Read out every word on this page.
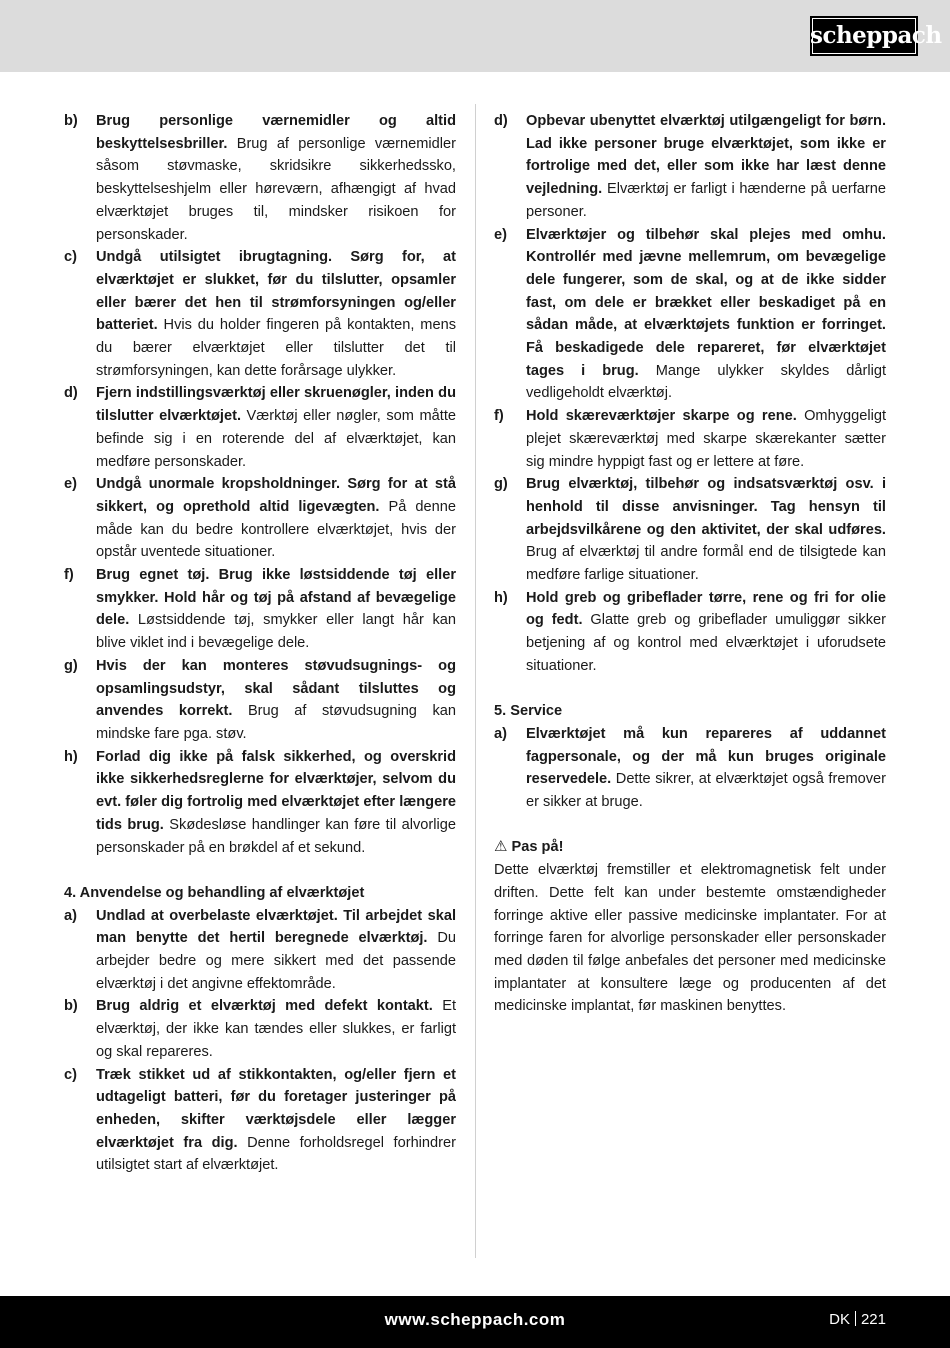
scheppach
b)	Brug personlige værnemidler og altid beskyttelsesbriller. Brug af personlige værnemidler såsom støvmaske, skridsikre sikkerhedssko, beskyttelseshjelm eller høreværn, afhængigt af hvad elværktøjet bruges til, mindsker risikoen for personskader.
c)	Undgå utilsigtet ibrugtagning. Sørg for, at elværktøjet er slukket, før du tilslutter, opsamler eller bærer det hen til strømforsyningen og/eller batteriet. Hvis du holder fingeren på kontakten, mens du bærer elværktøjet eller tilslutter det til strømforsyningen, kan dette forårsage ulykker.
d)	Fjern indstillingsværktøj eller skruenøgler, inden du tilslutter elværktøjet. Værktøj eller nøgler, som måtte befinde sig i en roterende del af elværktøjet, kan medføre personskader.
e)	Undgå unormale kropsholdninger. Sørg for at stå sikkert, og oprethold altid ligevægten. På denne måde kan du bedre kontrollere elværktøjet, hvis der opstår uventede situationer.
f)	Brug egnet tøj. Brug ikke løstsiddende tøj eller smykker. Hold hår og tøj på afstand af bevægelige dele. Løstsiddende tøj, smykker eller langt hår kan blive viklet ind i bevægelige dele.
g)	Hvis der kan monteres støvudsugnings- og opsamlingsudstyr, skal sådant tilsluttes og anvendes korrekt. Brug af støvudsugning kan mindske fare pga. støv.
h)	Forlad dig ikke på falsk sikkerhed, og overskrid ikke sikkerhedsreglerne for elværktøjer, selvom du evt. føler dig fortrolig med elværktøjet efter længere tids brug. Skødesløse handlinger kan føre til alvorlige personskader på en brøkdel af et sekund.
4. Anvendelse og behandling af elværktøjet
a)	Undlad at overbelaste elværktøjet. Til arbejdet skal man benytte det hertil beregnede elværktøj. Du arbejder bedre og mere sikkert med det passende elværktøj i det angivne effektområde.
b)	Brug aldrig et elværktøj med defekt kontakt. Et elværktøj, der ikke kan tændes eller slukkes, er farligt og skal repareres.
c)	Træk stikket ud af stikkontakten, og/eller fjern et udtageligt batteri, før du foretager justeringer på enheden, skifter værktøjsdele eller lægger elværktøjet fra dig. Denne forholdsregel forhindrer utilsigtet start af elværktøjet.
d)	Opbevar ubenyttet elværktøj utilgængeligt for børn. Lad ikke personer bruge elværktøjet, som ikke er fortrolige med det, eller som ikke har læst denne vejledning. Elværktøj er farligt i hænderne på uerfarne personer.
e)	Elværktøjer og tilbehør skal plejes med omhu. Kontrollér med jævne mellemrum, om bevægelige dele fungerer, som de skal, og at de ikke sidder fast, om dele er brækket eller beskadiget på en sådan måde, at elværktøjets funktion er forringet. Få beskadigede dele repareret, før elværktøjet tages i brug. Mange ulykker skyldes dårligt vedligeholdt elværktøj.
f)	Hold skæreværktøjer skarpe og rene. Omhyggeligt plejet skæreværktøj med skarpe skærekanter sætter sig mindre hyppigt fast og er lettere at føre.
g)	Brug elværktøj, tilbehør og indsatsværktøj osv. i henhold til disse anvisninger. Tag hensyn til arbejdsvilkårene og den aktivitet, der skal udføres. Brug af elværktøj til andre formål end de tilsigtede kan medføre farlige situationer.
h)	Hold greb og gribeflader tørre, rene og fri for olie og fedt. Glatte greb og gribeflader umuliggør sikker betjening af og kontrol med elværktøjet i uforudsete situationer.
5. Service
a)	Elværktøjet må kun repareres af uddannet fagpersonale, og der må kun bruges originale reservedele. Dette sikrer, at elværktøjet også fremover er sikker at bruge.
⚠ Pas på!
Dette elværktøj fremstiller et elektromagnetisk felt under driften. Dette felt kan under bestemte omstændigheder forringe aktive eller passive medicinske implantater. For at forringe faren for alvorlige personskader eller personskader med døden til følge anbefales det personer med medicinske implantater at konsultere læge og producenten af det medicinske implantat, før maskinen benyttes.
www.scheppach.com	DK 221
